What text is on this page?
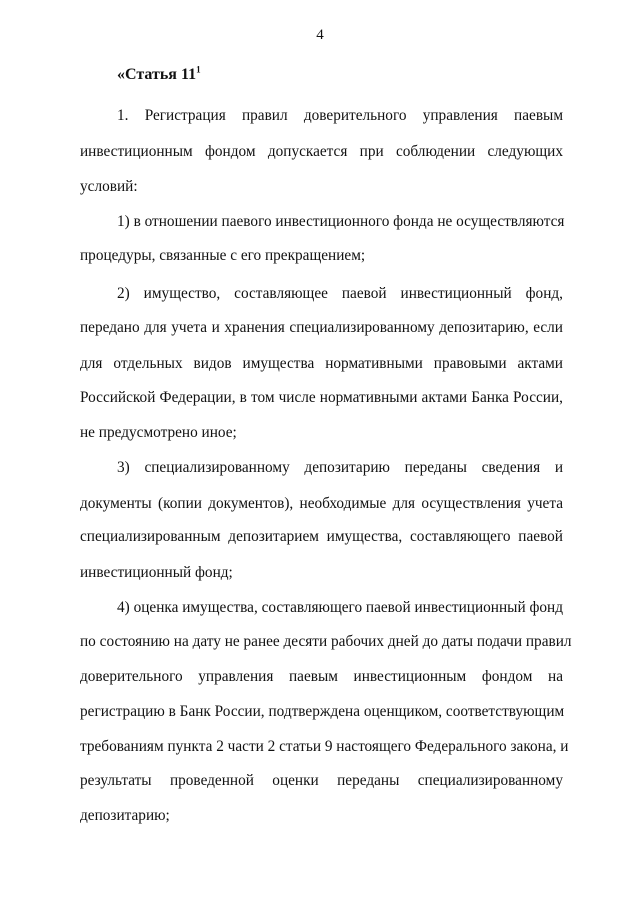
4
«Статья $11^1$
1. Регистрация правил доверительного управления паевым
инвестиционным фондом допускается при соблюдении следующих
условий:
1) в отношении паевого инвестиционного фонда не осуществляются
процедуры, связанные с его прекращением;
2) имущество, составляющее паевой инвестиционный фонд,
передано для учета и хранения специализированному депозитарию, если
для отдельных видов имущества нормативными правовыми актами
Российской Федерации, в том числе нормативными актами Банка России,
не предусмотрено иное;
3) специализированному депозитарию переданы сведения и
документы (копии документов), необходимые для осуществления учета
специализированным депозитарием имущества, составляющего паевой
инвестиционный фонд;
4) оценка имущества, составляющего паевой инвестиционный фонд
по состоянию на дату не ранее десяти рабочих дней до даты подачи правил
доверительного управления паевым инвестиционным фондом на
регистрацию в Банк России, подтверждена оценщиком, соответствующим
требованиям пункта 2 части 2 статьи 9 настоящего Федерального закона, и
результаты проведенной оценки переданы специализированному
депозитарию;
